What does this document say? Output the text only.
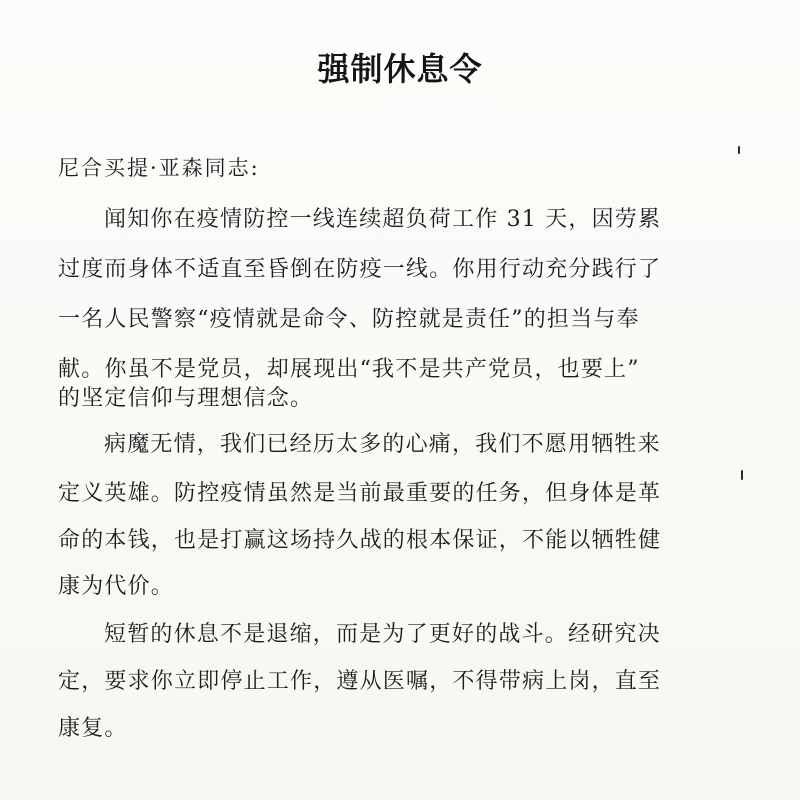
强制休息令
尼合买提·亚森同志:
闻知你在疫情防控一线连续超负荷工作 31 天，因劳累
过度而身体不适直至昏倒在防疫一线。你用行动充分践行了
一名人民警察“疫情就是命令、防控就是责任”的担当与奉
献。你虽不是党员，却展现出“我不是共产党员，也要上”
的坚定信仰与理想信念。
病魔无情，我们已经历太多的心痛，我们不愿用牺牲来
定义英雄。防控疫情虽然是当前最重要的任务，但身体是革
命的本钱，也是打赢这场持久战的根本保证，不能以牺牲健
康为代价。
短暂的休息不是退缩，而是为了更好的战斗。经研究决
定，要求你立即停止工作，遵从医嘱，不得带病上岗，直至
康复。
